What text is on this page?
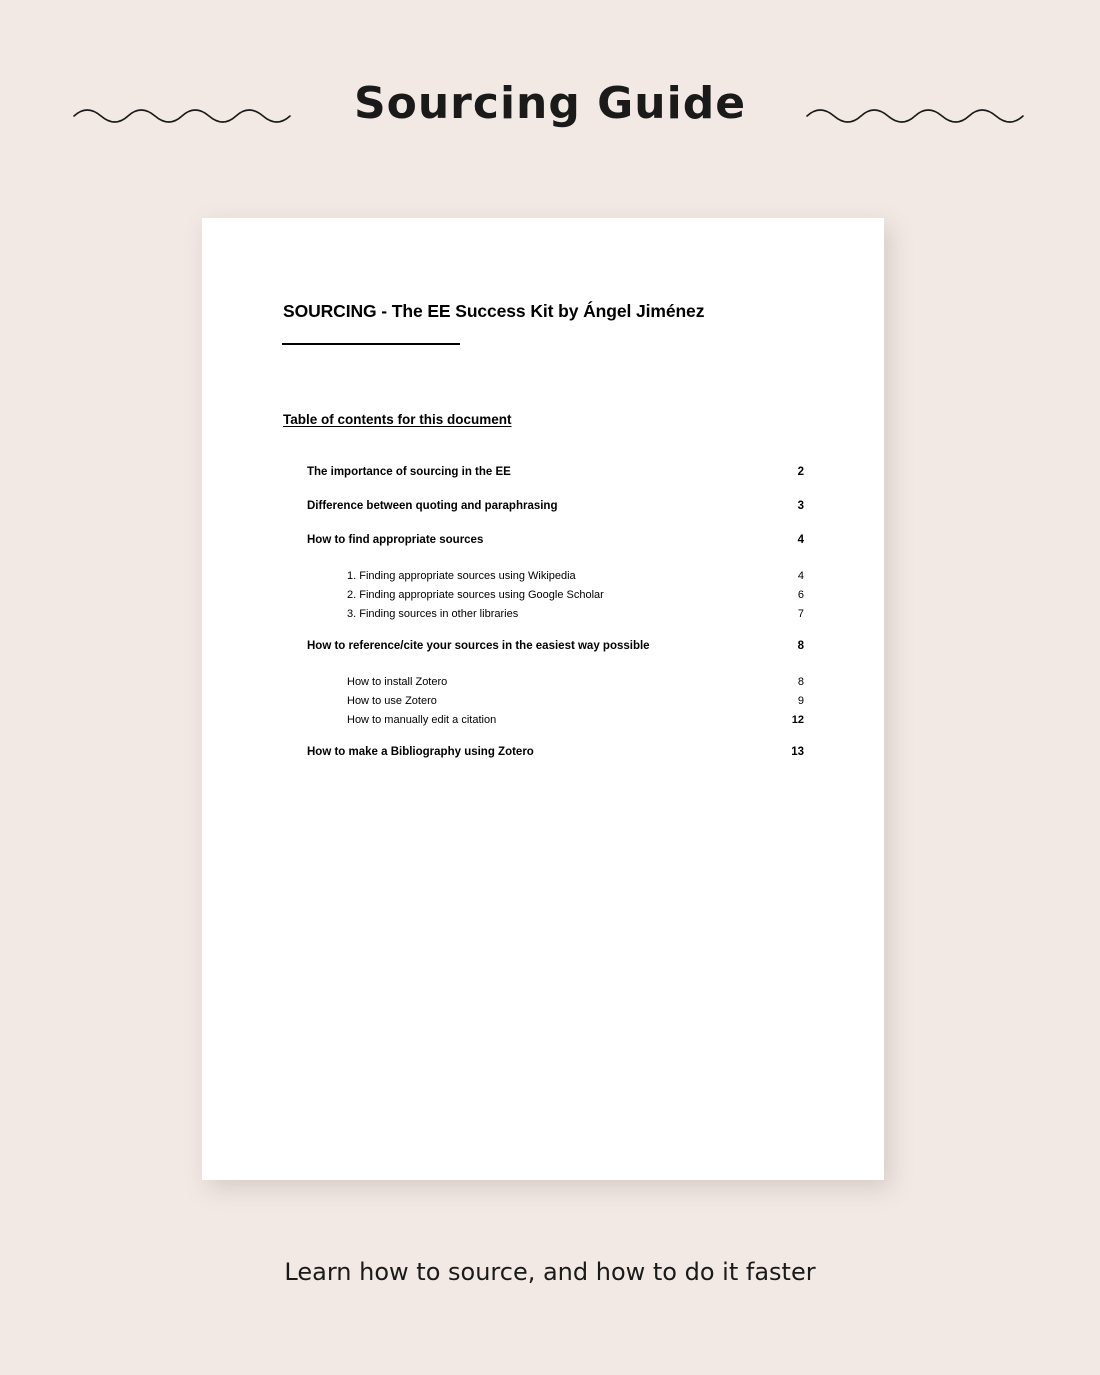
Sourcing Guide
SOURCING - The EE Success Kit by Ángel Jiménez
Table of contents for this document
The importance of sourcing in the EE	2
Difference between quoting and paraphrasing	3
How to find appropriate sources	4
1. Finding appropriate sources using Wikipedia	4
2. Finding appropriate sources using Google Scholar	6
3. Finding sources in other libraries	7
How to reference/cite your sources in the easiest way possible	8
How to install Zotero	8
How to use Zotero	9
How to manually edit a citation	12
How to make a Bibliography using Zotero	13
Learn how to source, and how to do it faster
